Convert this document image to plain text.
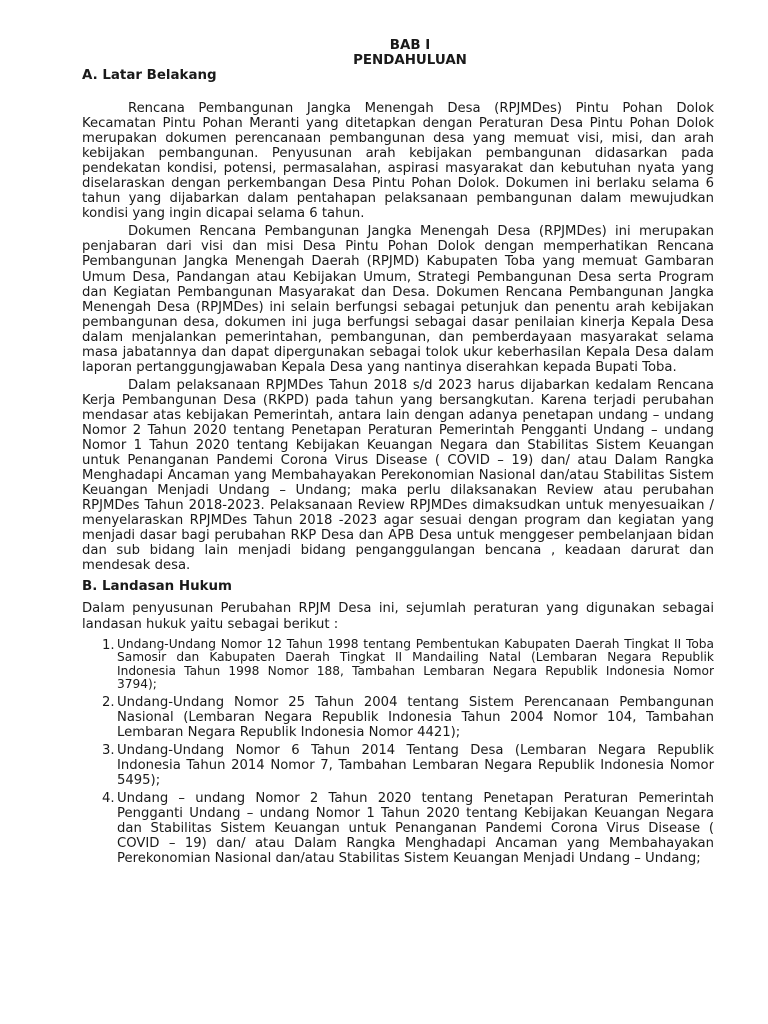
BAB I

PENDAHULUAN

A. Latar Belakang

Rencana Pembangunan Jangka Menengah Desa (RPJMDes) Pintu Pohan Dolok Kecamatan Pintu Pohan Meranti yang ditetapkan dengan Peraturan Desa Pintu Pohan Dolok merupakan dokumen perencanaan pembangunan desa yang memuat visi, misi, dan arah kebijakan pembangunan. Penyusunan arah kebijakan pembangunan didasarkan pada pendekatan kondisi, potensi, permasalahan, aspirasi masyarakat dan kebutuhan nyata yang diselaraskan dengan perkembangan Desa Pintu Pohan Dolok. Dokumen ini berlaku selama 6 tahun yang dijabarkan dalam pentahapan pelaksanaan pembangunan dalam mewujudkan kondisi yang ingin dicapai selama 6 tahun.

Dokumen Rencana Pembangunan Jangka Menengah Desa (RPJMDes) ini merupakan penjabaran dari visi dan misi Desa Pintu Pohan Dolok dengan memperhatikan Rencana Pembangunan Jangka Menengah Daerah (RPJMD) Kabupaten Toba yang memuat Gambaran Umum Desa, Pandangan atau Kebijakan Umum, Strategi Pembangunan Desa serta Program dan Kegiatan Pembangunan Masyarakat dan Desa. Dokumen Rencana Pembangunan Jangka Menengah Desa (RPJMDes) ini selain berfungsi sebagai petunjuk dan penentu arah kebijakan pembangunan desa, dokumen ini juga berfungsi sebagai dasar penilaian kinerja Kepala Desa dalam menjalankan pemerintahan, pembangunan, dan pemberdayaan masyarakat selama masa jabatannya dan dapat dipergunakan sebagai tolok ukur keberhasilan Kepala Desa dalam laporan pertanggungjawaban Kepala Desa yang nantinya diserahkan kepada Bupati Toba.

Dalam pelaksanaan RPJMDes Tahun 2018 s/d 2023 harus dijabarkan kedalam Rencana Kerja Pembangunan Desa (RKPD) pada tahun yang bersangkutan. Karena terjadi perubahan mendasar atas kebijakan Pemerintah, antara lain dengan adanya penetapan undang – undang Nomor 2 Tahun 2020 tentang Penetapan Peraturan Pemerintah Pengganti Undang – undang Nomor 1 Tahun 2020 tentang Kebijakan Keuangan Negara dan Stabilitas Sistem Keuangan untuk Penanganan Pandemi Corona Virus Disease ( COVID – 19) dan/ atau Dalam Rangka Menghadapi Ancaman yang Membahayakan Perekonomian Nasional dan/atau Stabilitas Sistem Keuangan Menjadi Undang – Undang; maka perlu dilaksanakan Review atau perubahan RPJMDes Tahun 2018-2023. Pelaksanaan Review RPJMDes dimaksudkan untuk menyesuaikan / menyelaraskan RPJMDes Tahun 2018 -2023 agar sesuai dengan program dan kegiatan yang menjadi dasar bagi perubahan RKP Desa dan APB Desa untuk menggeser pembelanjaan bidan dan sub bidang lain menjadi bidang penganggulangan bencana , keadaan darurat dan mendesak desa.

B. Landasan Hukum

Dalam penyusunan Perubahan RPJM Desa ini, sejumlah peraturan yang digunakan sebagai landasan hukuk yaitu sebagai berikut :

1. Undang-Undang Nomor 12 Tahun 1998 tentang Pembentukan Kabupaten Daerah Tingkat II Toba Samosir dan Kabupaten Daerah Tingkat II Mandailing Natal (Lembaran Negara Republik Indonesia Tahun 1998 Nomor 188, Tambahan Lembaran Negara Republik Indonesia Nomor 3794);
2. Undang-Undang Nomor 25 Tahun 2004 tentang Sistem Perencanaan Pembangunan Nasional (Lembaran Negara Republik Indonesia Tahun 2004 Nomor 104, Tambahan Lembaran Negara Republik Indonesia Nomor 4421);
3. Undang-Undang Nomor 6 Tahun 2014 Tentang Desa (Lembaran Negara Republik Indonesia Tahun 2014 Nomor 7, Tambahan Lembaran Negara Republik Indonesia Nomor 5495);
4. Undang – undang Nomor 2 Tahun 2020 tentang Penetapan Peraturan Pemerintah Pengganti Undang – undang Nomor 1 Tahun 2020 tentang Kebijakan Keuangan Negara dan Stabilitas Sistem Keuangan untuk Penanganan Pandemi Corona Virus Disease ( COVID – 19) dan/ atau Dalam Rangka Menghadapi Ancaman yang Membahayakan Perekonomian Nasional dan/atau Stabilitas Sistem Keuangan Menjadi Undang – Undang;
